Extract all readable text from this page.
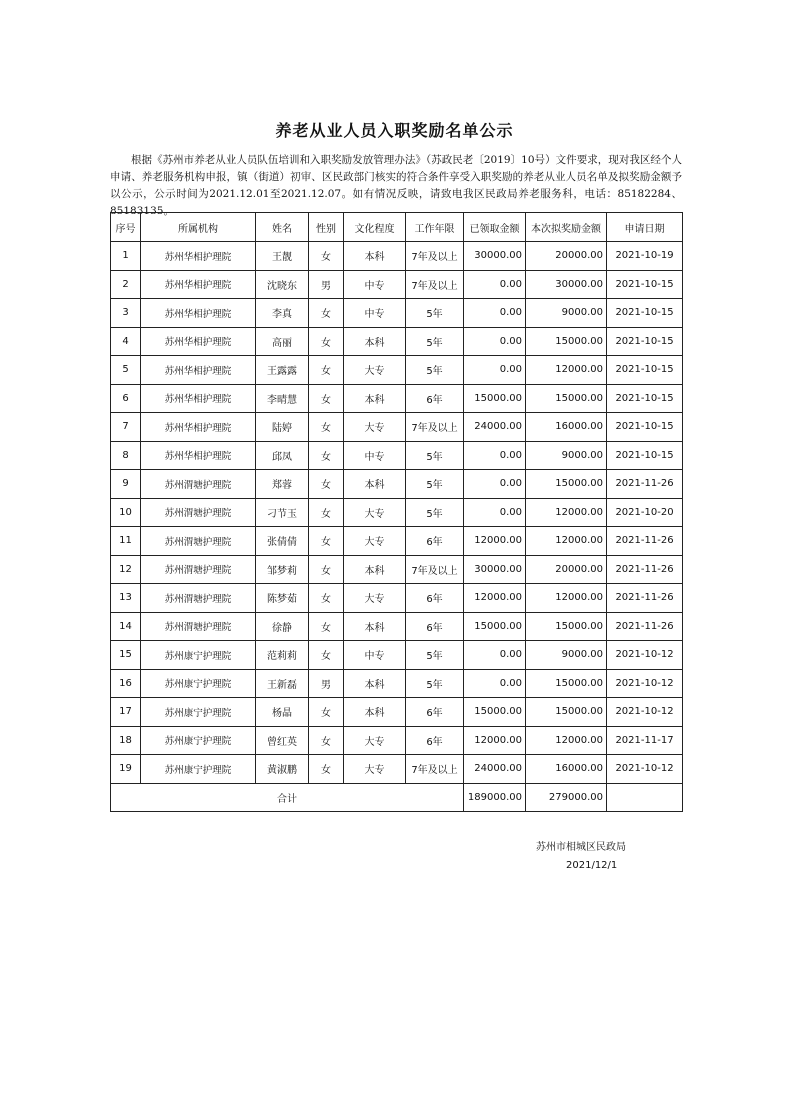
养老从业人员入职奖励名单公示
根据《苏州市养老从业人员队伍培训和入职奖励发放管理办法》（苏政民老〔2019〕10号）文件要求，现对我区经个人申请、养老服务机构申报，镇（街道）初审、区民政部门核实的符合条件享受入职奖励的养老从业人员名单及拟奖励金额予以公示，公示时间为2021.12.01至2021.12.07。如有情况反映，请致电我区民政局养老服务科，电话：85182284、85183135。
序号	所属机构	姓名	性别	文化程度	工作年限	已领取金额	本次拟奖励金额	申请日期
1	苏州华相护理院	王靓	女	本科	7年及以上	30000.00	20000.00	2021-10-19
2	苏州华相护理院	沈晓东	男	中专	7年及以上	0.00	30000.00	2021-10-15
3	苏州华相护理院	李真	女	中专	5年	0.00	9000.00	2021-10-15
4	苏州华相护理院	高丽	女	本科	5年	0.00	15000.00	2021-10-15
5	苏州华相护理院	王露露	女	大专	5年	0.00	12000.00	2021-10-15
6	苏州华相护理院	李晴慧	女	本科	6年	15000.00	15000.00	2021-10-15
7	苏州华相护理院	陆婷	女	大专	7年及以上	24000.00	16000.00	2021-10-15
8	苏州华相护理院	邱凤	女	中专	5年	0.00	9000.00	2021-10-15
9	苏州渭塘护理院	郑蓉	女	本科	5年	0.00	15000.00	2021-11-26
10	苏州渭塘护理院	刁节玉	女	大专	5年	0.00	12000.00	2021-10-20
11	苏州渭塘护理院	张倩倩	女	大专	6年	12000.00	12000.00	2021-11-26
12	苏州渭塘护理院	邹梦莉	女	本科	7年及以上	30000.00	20000.00	2021-11-26
13	苏州渭塘护理院	陈梦茹	女	大专	6年	12000.00	12000.00	2021-11-26
14	苏州渭塘护理院	徐静	女	本科	6年	15000.00	15000.00	2021-11-26
15	苏州康宁护理院	范莉莉	女	中专	5年	0.00	9000.00	2021-10-12
16	苏州康宁护理院	王新磊	男	本科	5年	0.00	15000.00	2021-10-12
17	苏州康宁护理院	杨晶	女	本科	6年	15000.00	15000.00	2021-10-12
18	苏州康宁护理院	曾红英	女	大专	6年	12000.00	12000.00	2021-11-17
19	苏州康宁护理院	黄淑鹏	女	大专	7年及以上	24000.00	16000.00	2021-10-12
合计						189000.00	279000.00	
苏州市相城区民政局
2021/12/1
